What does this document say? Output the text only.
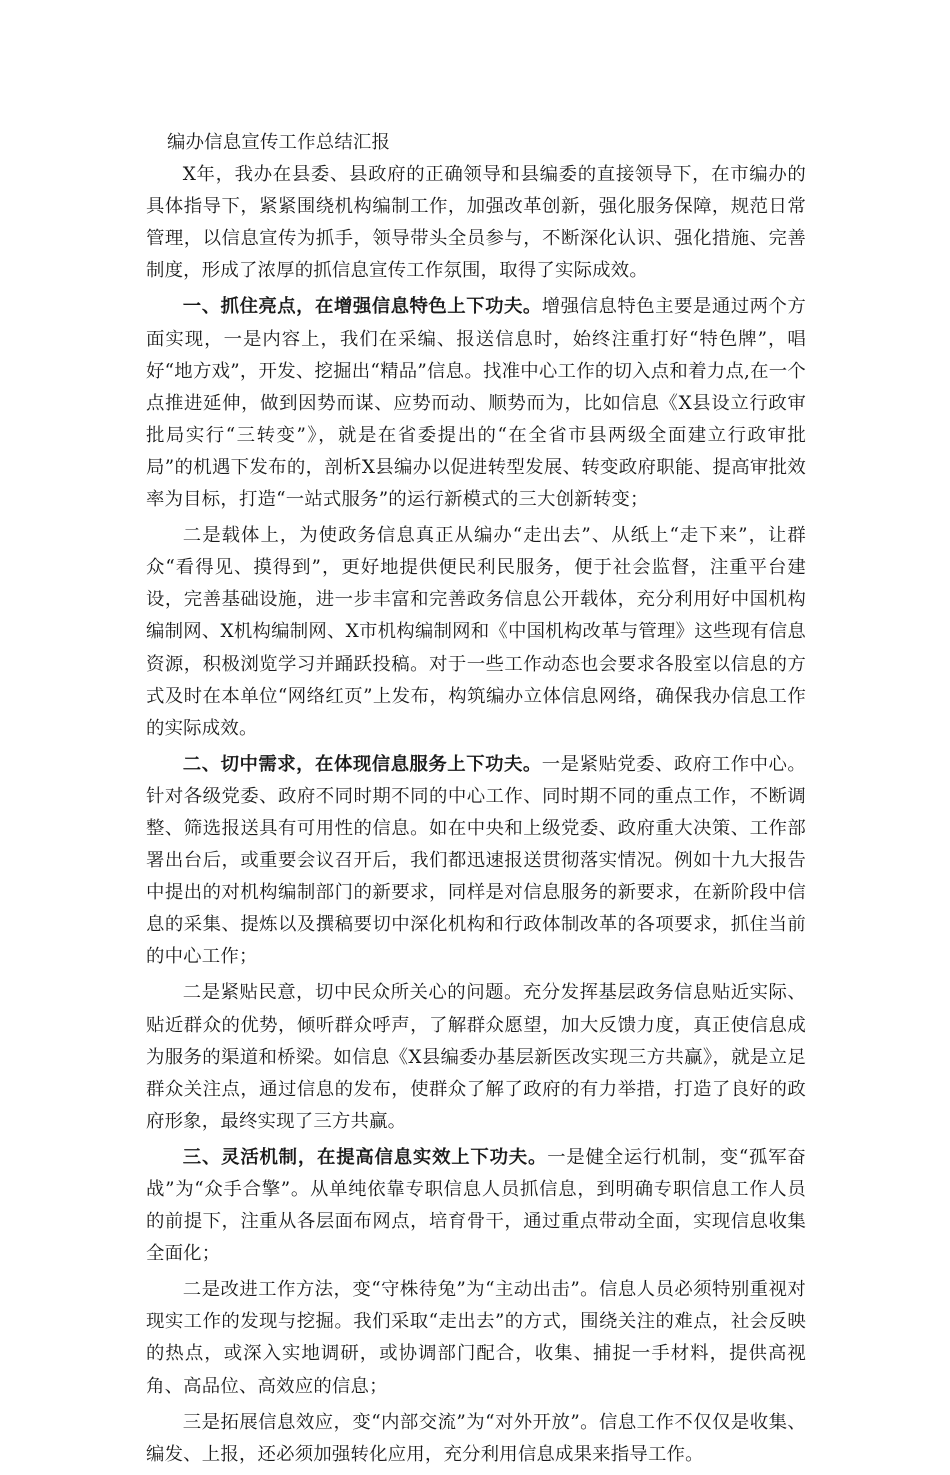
编办信息宣传工作总结汇报

X年，我办在县委、县政府的正确领导和县编委的直接领导下，在市编办的具体指导下，紧紧围绕机构编制工作，加强改革创新，强化服务保障，规范日常管理，以信息宣传为抓手，领导带头全员参与，不断深化认识、强化措施、完善制度，形成了浓厚的抓信息宣传工作氛围，取得了实际成效。

一、抓住亮点，在增强信息特色上下功夫。增强信息特色主要是通过两个方面实现，一是内容上，我们在采编、报送信息时，始终注重打好“特色牌”，唱好“地方戏”，开发、挖掘出“精品”信息。找准中心工作的切入点和着力点,在一个点推进延伸，做到因势而谋、应势而动、顺势而为，比如信息《X县设立行政审批局实行“三转变”》，就是在省委提出的“在全省市县两级全面建立行政审批局”的机遇下发布的，剖析X县编办以促进转型发展、转变政府职能、提高审批效率为目标，打造“一站式服务”的运行新模式的三大创新转变；

二是载体上，为使政务信息真正从编办“走出去”、从纸上“走下来”，让群众“看得见、摸得到”，更好地提供便民利民服务，便于社会监督，注重平台建设，完善基础设施，进一步丰富和完善政务信息公开载体，充分利用好中国机构编制网、X机构编制网、X市机构编制网和《中国机构改革与管理》这些现有信息资源，积极浏览学习并踊跃投稿。对于一些工作动态也会要求各股室以信息的方式及时在本单位“网络红页”上发布，构筑编办立体信息网络，确保我办信息工作的实际成效。

二、切中需求，在体现信息服务上下功夫。一是紧贴党委、政府工作中心。针对各级党委、政府不同时期不同的中心工作、同时期不同的重点工作，不断调整、筛选报送具有可用性的信息。如在中央和上级党委、政府重大决策、工作部署出台后，或重要会议召开后，我们都迅速报送贯彻落实情况。例如十九大报告中提出的对机构编制部门的新要求，同样是对信息服务的新要求，在新阶段中信息的采集、提炼以及撰稿要切中深化机构和行政体制改革的各项要求，抓住当前的中心工作；

二是紧贴民意，切中民众所关心的问题。充分发挥基层政务信息贴近实际、贴近群众的优势，倾听群众呼声，了解群众愿望，加大反馈力度，真正使信息成为服务的渠道和桥梁。如信息《X县编委办基层新医改实现三方共赢》，就是立足群众关注点，通过信息的发布，使群众了解了政府的有力举措，打造了良好的政府形象，最终实现了三方共赢。

三、灵活机制，在提高信息实效上下功夫。一是健全运行机制，变“孤军奋战”为“众手合擎”。从单纯依靠专职信息人员抓信息，到明确专职信息工作人员的前提下，注重从各层面布网点，培育骨干，通过重点带动全面，实现信息收集全面化；

二是改进工作方法，变“守株待兔”为“主动出击”。信息人员必须特别重视对现实工作的发现与挖掘。我们采取“走出去”的方式，围绕关注的难点，社会反映的热点，或深入实地调研，或协调部门配合，收集、捕捉一手材料，提供高视角、高品位、高效应的信息；

三是拓展信息效应，变“内部交流”为“对外开放”。信息工作不仅仅是收集、编发、上报，还必须加强转化应用，充分利用信息成果来指导工作。
